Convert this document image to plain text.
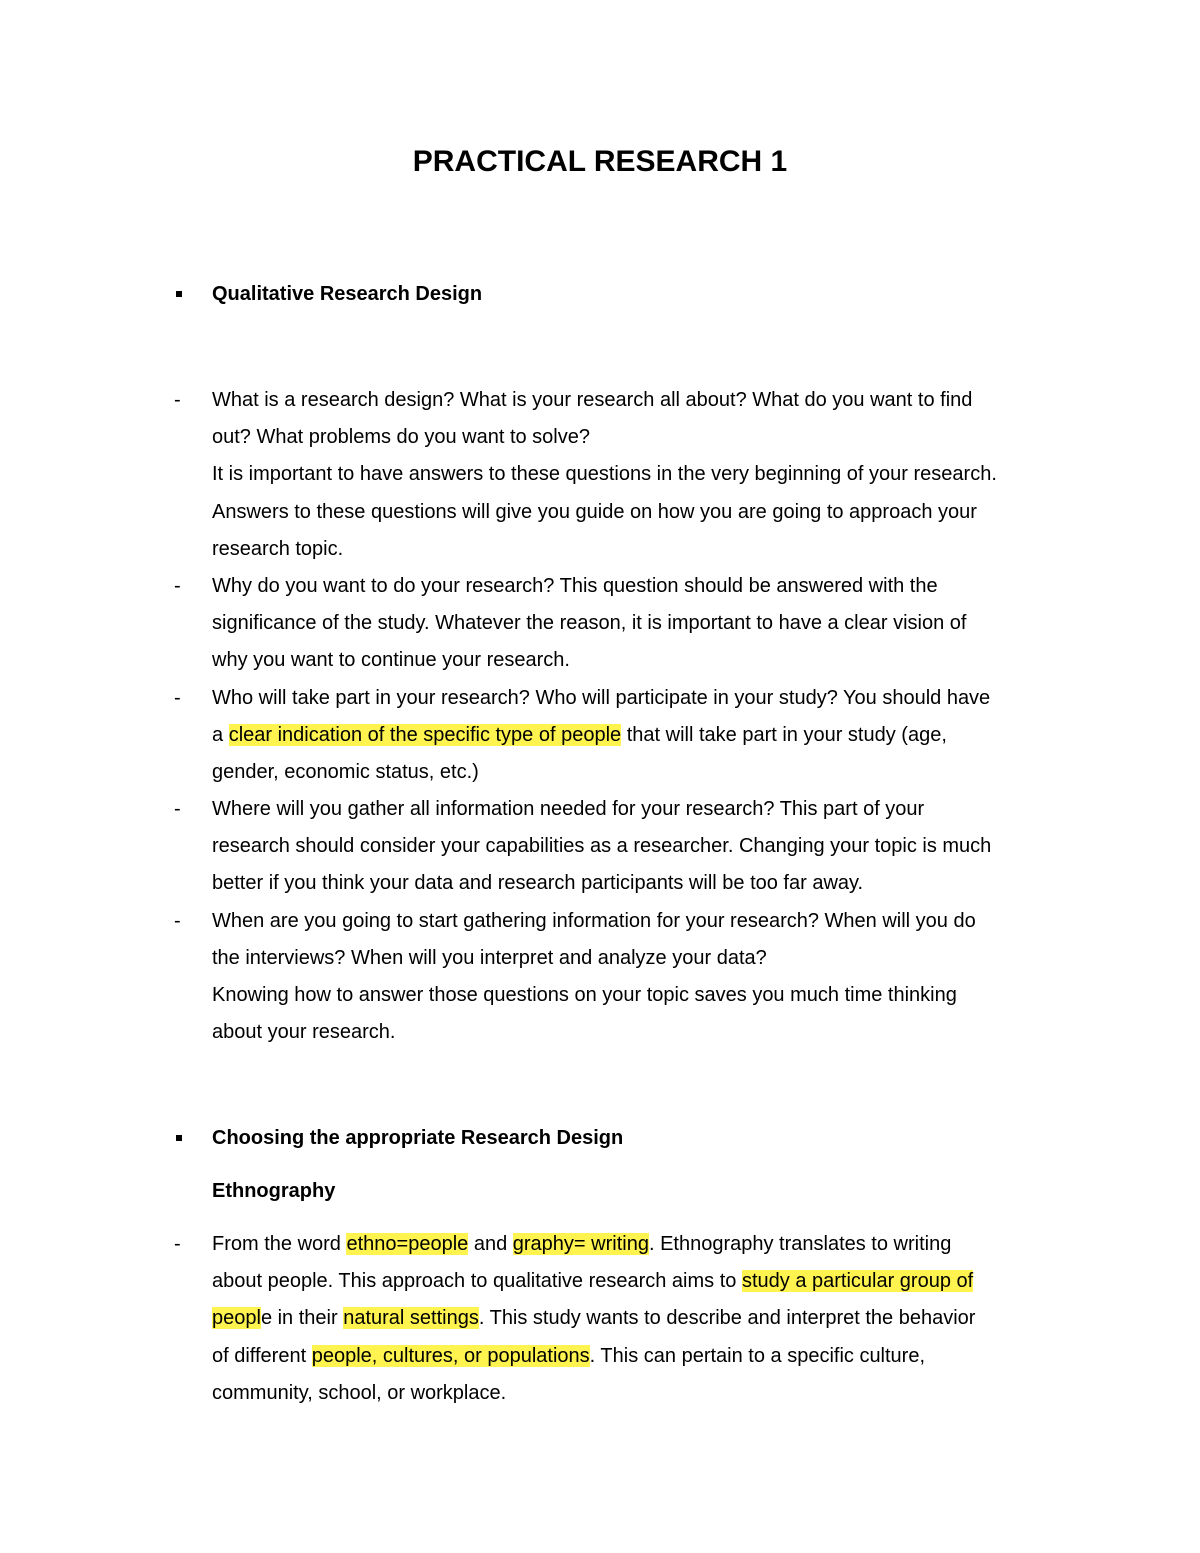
PRACTICAL RESEARCH 1
Qualitative Research Design
- What is a research design? What is your research all about? What do you want to find
out? What problems do you want to solve?
It is important to have answers to these questions in the very beginning of your research.
Answers to these questions will give you guide on how you are going to approach your
research topic.
- Why do you want to do your research? This question should be answered with the
significance of the study. Whatever the reason, it is important to have a clear vision of
why you want to continue your research.
- Who will take part in your research? Who will participate in your study? You should have
a clear indication of the specific type of people that will take part in your study (age,
gender, economic status, etc.)
- Where will you gather all information needed for your research? This part of your
research should consider your capabilities as a researcher. Changing your topic is much
better if you think your data and research participants will be too far away.
- When are you going to start gathering information for your research? When will you do
the interviews? When will you interpret and analyze your data?
Knowing how to answer those questions on your topic saves you much time thinking
about your research.
Choosing the appropriate Research Design
Ethnography
- From the word ethno=people and graphy= writing. Ethnography translates to writing
about people. This approach to qualitative research aims to study a particular group of
people in their natural settings. This study wants to describe and interpret the behavior
of different people, cultures, or populations. This can pertain to a specific culture,
community, school, or workplace.
